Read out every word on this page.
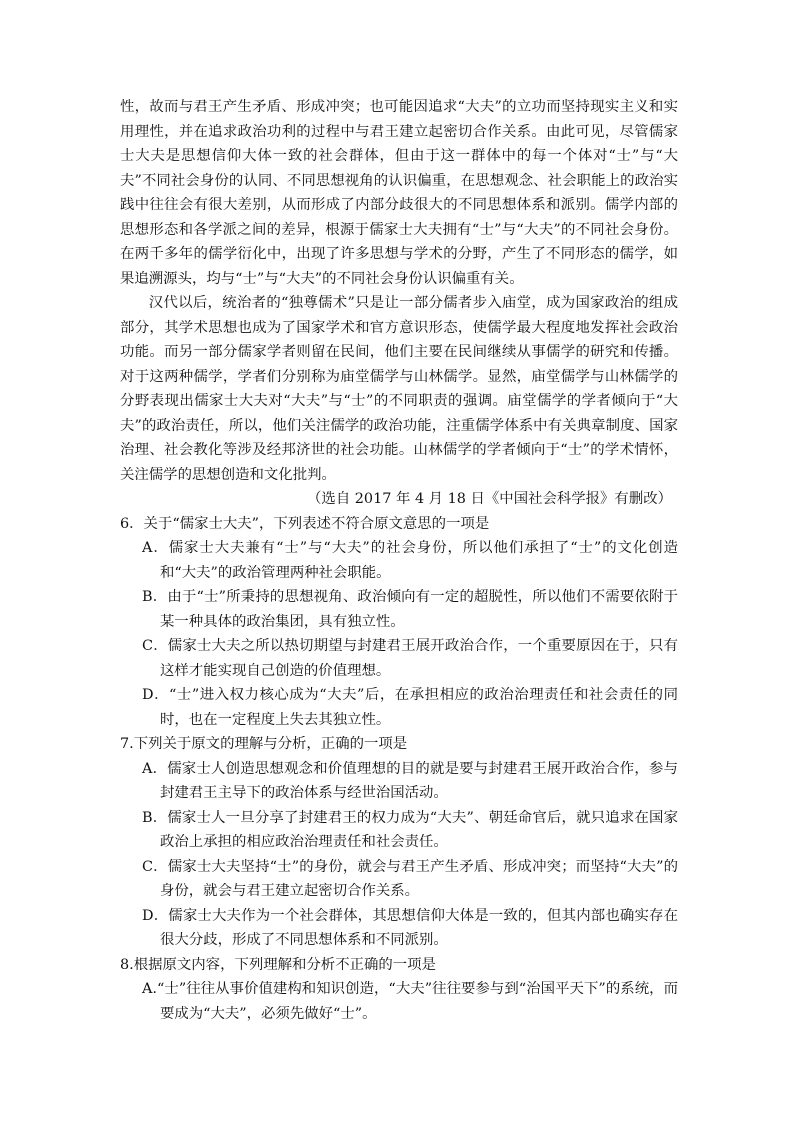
性，故而与君王产生矛盾、形成冲突；也可能因追求“大夫”的立功而坚持现实主义和实用理性，并在追求政治功利的过程中与君王建立起密切合作关系。由此可见，尽管儒家士大夫是思想信仰大体一致的社会群体，但由于这一群体中的每一个体对“士”与“大夫”不同社会身份的认同、不同思想视角的认识偏重，在思想观念、社会职能上的政治实践中往往会有很大差别，从而形成了内部分歧很大的不同思想体系和派别。儒学内部的思想形态和各学派之间的差异，根源于儒家士大夫拥有“士”与“大夫”的不同社会身份。在两千多年的儒学衍化中，出现了许多思想与学术的分野，产生了不同形态的儒学，如果追溯源头，均与“士”与“大夫”的不同社会身份认识偏重有关。

汉代以后，统治者的“独尊儒术”只是让一部分儒者步入庙堂，成为国家政治的组成部分，其学术思想也成为了国家学术和官方意识形态，使儒学最大程度地发挥社会政治功能。而另一部分儒家学者则留在民间，他们主要在民间继续从事儒学的研究和传播。对于这两种儒学，学者们分别称为庙堂儒学与山林儒学。显然，庙堂儒学与山林儒学的分野表现出儒家士大夫对“大夫”与“士”的不同职责的强调。庙堂儒学的学者倾向于“大夫”的政治责任，所以，他们关注儒学的政治功能，注重儒学体系中有关典章制度、国家治理、社会教化等涉及经邦济世的社会功能。山林儒学的学者倾向于“士”的学术情怀，关注儒学的思想创造和文化批判。

（选自 2017 年 4 月 18 日《中国社会科学报》有删改）

6．关于“儒家士大夫”，下列表述不符合原文意思的一项是

A．儒家士大夫兼有“士”与“大夫”的社会身份，所以他们承担了“士”的文化创造和“大夫”的政治管理两种社会职能。

B．由于“士”所秉持的思想视角、政治倾向有一定的超脱性，所以他们不需要依附于某一种具体的政治集团，具有独立性。

C．儒家士大夫之所以热切期望与封建君王展开政治合作，一个重要原因在于，只有这样才能实现自己创造的价值理想。

D．“士”进入权力核心成为“大夫”后，在承担相应的政治治理责任和社会责任的同时，也在一定程度上失去其独立性。

7.下列关于原文的理解与分析，正确的一项是

A．儒家士人创造思想观念和价值理想的目的就是要与封建君王展开政治合作，参与封建君王主导下的政治体系与经世治国活动。

B．儒家士人一旦分享了封建君王的权力成为“大夫”、朝廷命官后，就只追求在国家政治上承担的相应政治治理责任和社会责任。

C．儒家士大夫坚持“士”的身份，就会与君王产生矛盾、形成冲突；而坚持“大夫”的身份，就会与君王建立起密切合作关系。

D．儒家士大夫作为一个社会群体，其思想信仰大体是一致的，但其内部也确实存在很大分歧，形成了不同思想体系和不同派别。

8.根据原文内容，下列理解和分析不正确的一项是

A.“士”往往从事价值建构和知识创造，“大夫”往往要参与到“治国平天下”的系统，而要成为“大夫”，必须先做好“士”。
